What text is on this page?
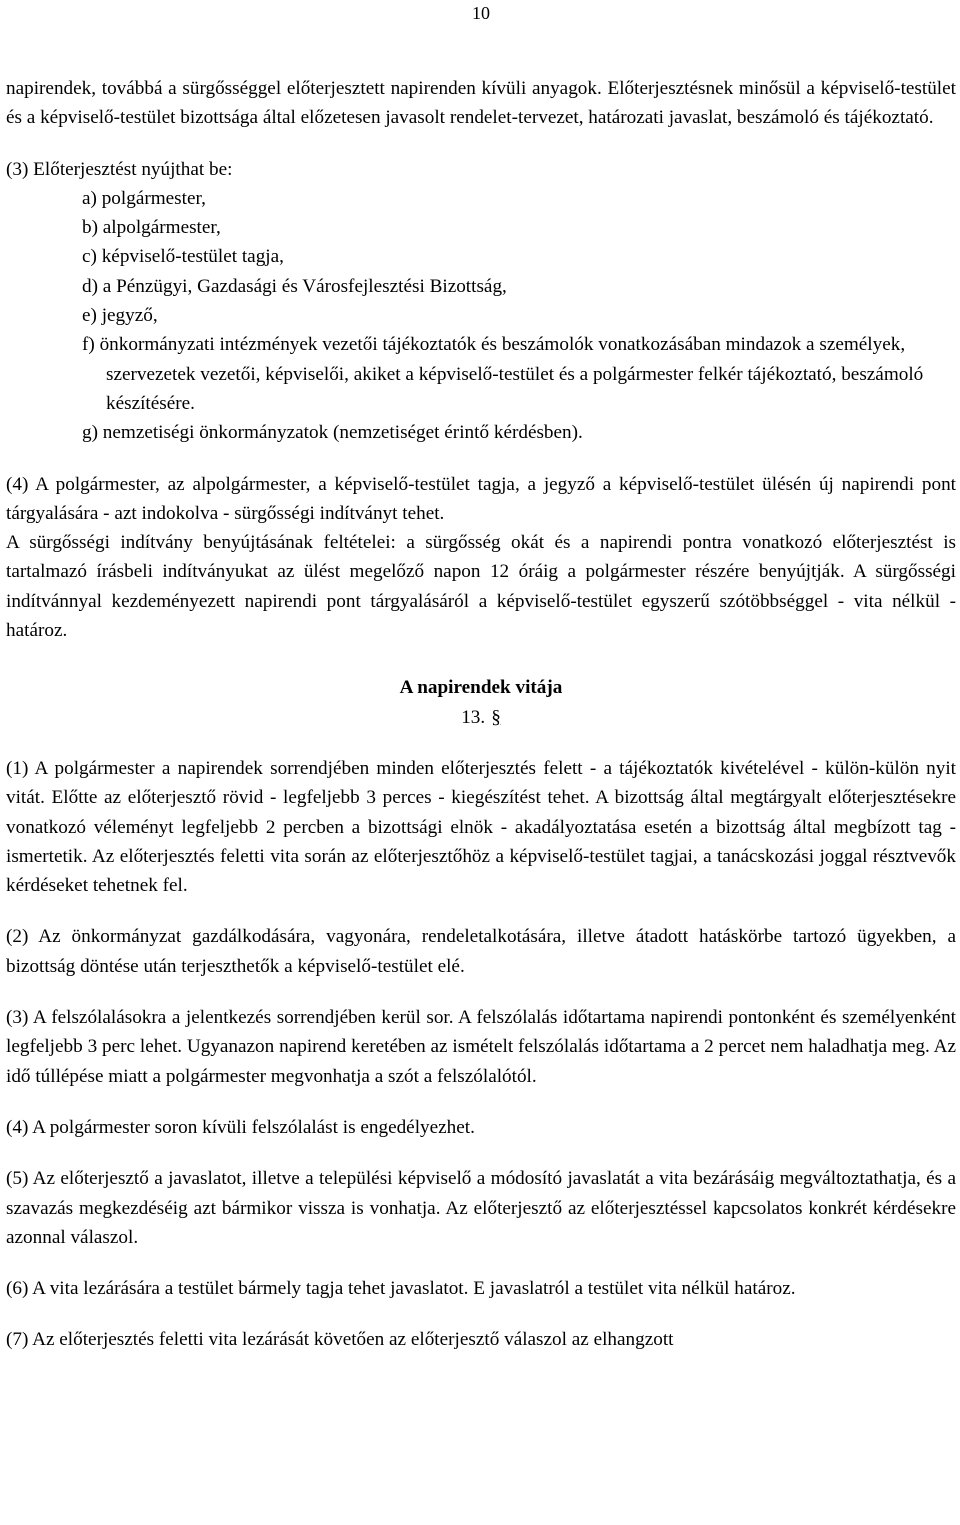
10

napirendek, továbbá a sürgősséggel előterjesztett napirenden kívüli anyagok. Előterjesztésnek minősül a képviselő-testület és a képviselő-testület bizottsága által előzetesen javasolt rendelet-tervezet, határozati javaslat, beszámoló és tájékoztató.

(3) Előterjesztést nyújthat be:

a) polgármester,
b) alpolgármester,
c) képviselő-testület tagja,
d) a Pénzügyi, Gazdasági és Városfejlesztési Bizottság,
e) jegyző,
f) önkormányzati intézmények vezetői tájékoztatók és beszámolók vonatkozásában mindazok a személyek, szervezetek vezetői, képviselői, akiket a képviselő-testület és a polgármester felkér tájékoztató, beszámoló készítésére.
g) nemzetiségi önkormányzatok (nemzetiséget érintő kérdésben).

(4) A polgármester, az alpolgármester, a képviselő-testület tagja, a jegyző a képviselő-testület ülésén új napirendi pont tárgyalására - azt indokolva - sürgősségi indítványt tehet.

A sürgősségi indítvány benyújtásának feltételei: a sürgősség okát és a napirendi pontra vonatkozó előterjesztést is tartalmazó írásbeli indítványukat az ülést megelőző napon 12 óráig a polgármester részére benyújtják. A sürgősségi indítvánnyal kezdeményezett napirendi pont tárgyalásáról a képviselő-testület egyszerű szótöbbséggel - vita nélkül - határoz.

A napirendek vitája

13. §

(1) A polgármester a napirendek sorrendjében minden előterjesztés felett - a tájékoztatók kivételével - külön-külön nyit vitát. Előtte az előterjesztő rövid - legfeljebb 3 perces - kiegészítést tehet. A bizottság által megtárgyalt előterjesztésekre vonatkozó véleményt legfeljebb 2 percben a bizottsági elnök - akadályoztatása esetén a bizottság által megbízott tag - ismertetik. Az előterjesztés feletti vita során az előterjesztőhöz a képviselő-testület tagjai, a tanácskozási joggal résztvevők kérdéseket tehetnek fel.

(2) Az önkormányzat gazdálkodására, vagyonára, rendeletalkotására, illetve átadott hatáskörbe tartozó ügyekben, a bizottság döntése után terjeszthetők a képviselő-testület elé.

(3) A felszólalásokra a jelentkezés sorrendjében kerül sor. A felszólalás időtartama napirendi pontonként és személyenként legfeljebb 3 perc lehet. Ugyanazon napirend keretében az ismételt felszólalás időtartama a 2 percet nem haladhatja meg. Az idő túllépése miatt a polgármester megvonhatja a szót a felszólalótól.

(4) A polgármester soron kívüli felszólalást is engedélyezhet.

(5) Az előterjesztő a javaslatot, illetve a települési képviselő a módosító javaslatát a vita bezárásáig megváltoztathatja, és a szavazás megkezdéséig azt bármikor vissza is vonhatja. Az előterjesztő az előterjesztéssel kapcsolatos konkrét kérdésekre azonnal válaszol.

(6) A vita lezárására a testület bármely tagja tehet javaslatot. E javaslatról a testület vita nélkül határoz.

(7) Az előterjesztés feletti vita lezárását követően az előterjesztő válaszol az elhangzott
